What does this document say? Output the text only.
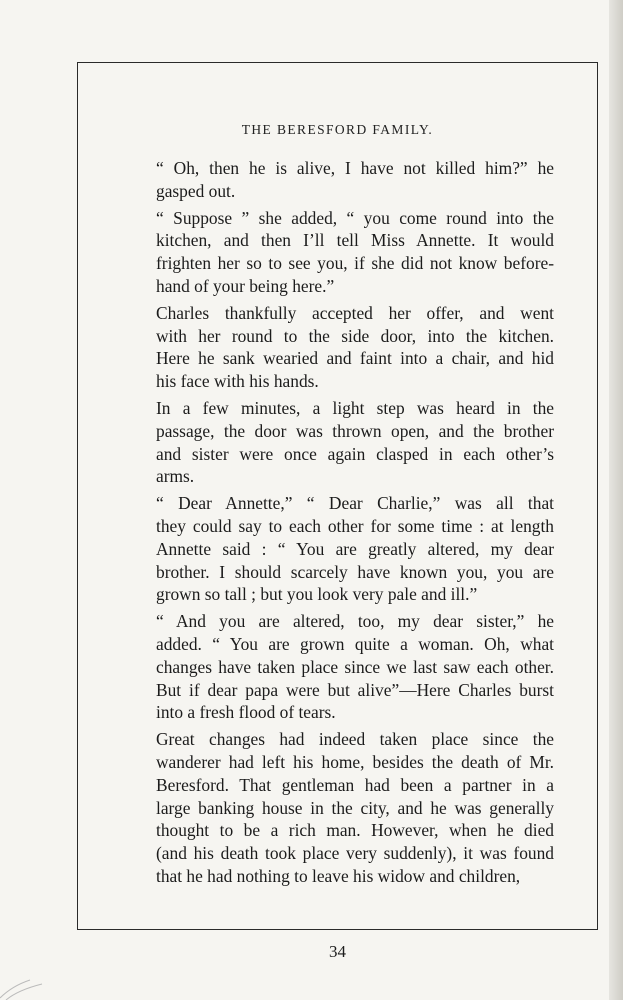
THE BERESFORD FAMILY.

“ Oh, then he is alive, I have not killed him?” he
gasped out.

“ Suppose ” she added, “ you come round into the
kitchen, and then I’ll tell Miss Annette. It would
frighten her so to see you, if she did not know before-
hand of your being here.”

Charles thankfully accepted her offer, and went
with her round to the side door, into the kitchen.
Here he sank wearied and faint into a chair, and hid
his face with his hands.

In a few minutes, a light step was heard in the
passage, the door was thrown open, and the brother
and sister were once again clasped in each other’s
arms.

“ Dear Annette,” “ Dear Charlie,” was all that
they could say to each other for some time : at length
Annette said : “ You are greatly altered, my dear
brother. I should scarcely have known you, you are
grown so tall ; but you look very pale and ill.”

“ And you are altered, too, my dear sister,” he
added. “ You are grown quite a woman. Oh, what
changes have taken place since we last saw each other.
But if dear papa were but alive”—Here Charles burst
into a fresh flood of tears.

Great changes had indeed taken place since the
wanderer had left his home, besides the death of Mr.
Beresford. That gentleman had been a partner in a
large banking house in the city, and he was generally
thought to be a rich man. However, when he died
(and his death took place very suddenly), it was found
that he had nothing to leave his widow and children,

34
